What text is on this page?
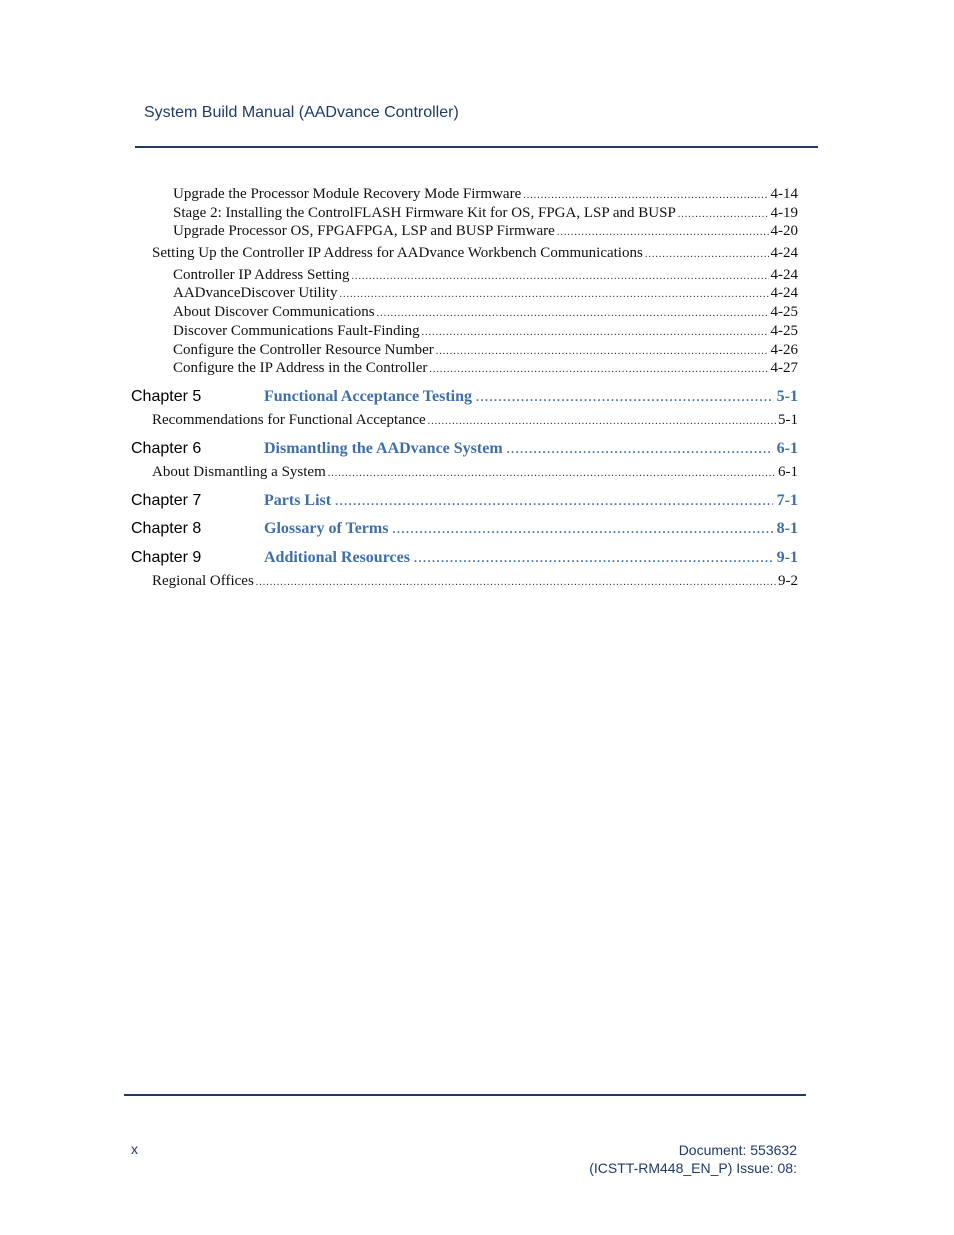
System Build Manual (AADvance Controller)
Upgrade the Processor Module Recovery Mode Firmware .....	4-14
Stage 2: Installing the ControlFLASH Firmware Kit for OS, FPGA, LSP and BUSP .....	4-19
Upgrade Processor OS, FPGAFPGA, LSP and BUSP Firmware .....	4-20
Setting Up the Controller IP Address for AADvance Workbench Communications .....	4-24
Controller IP Address Setting .....	4-24
AADvanceDiscover Utility .....	4-24
About Discover Communications .....	4-25
Discover Communications Fault-Finding .....	4-25
Configure the Controller Resource Number .....	4-26
Configure the IP Address in the Controller .....	4-27
Chapter 5	Functional Acceptance Testing .....	5-1
Recommendations for Functional Acceptance .....	5-1
Chapter 6	Dismantling the AADvance System .....	6-1
About Dismantling a System .....	6-1
Chapter 7	Parts List .....	7-1
Chapter 8	Glossary of Terms .....	8-1
Chapter 9	Additional Resources .....	9-1
Regional Offices .....	9-2
x	Document: 553632
(ICSTT-RM448_EN_P) Issue: 08:
